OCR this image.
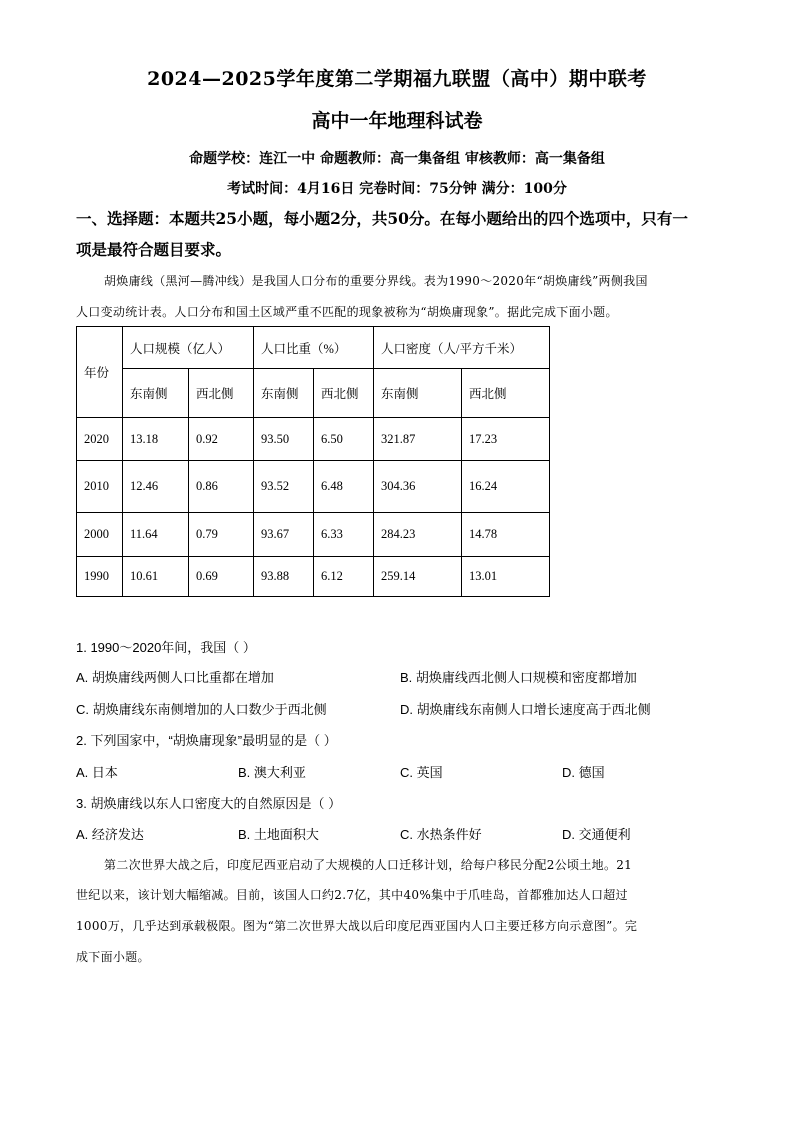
2024—2025学年度第二学期福九联盟（高中）期中联考
高中一年地理科试卷
命题学校：连江一中 命题教师：高一集备组 审核教师：高一集备组
考试时间：4月16日 完卷时间：75分钟 满分：100分
一、选择题：本题共25小题，每小题2分，共50分。在每小题给出的四个选项中，只有一
项是最符合题目要求。
胡焕庸线（黑河—腾冲线）是我国人口分布的重要分界线。表为1990～2020年“胡焕庸线”两侧我国
人口变动统计表。人口分布和国土区域严重不匹配的现象被称为“胡焕庸现象”。据此完成下面小题。
年份	人口规模（亿人）		人口比重（%）		人口密度（人/平方千米）	
	东南侧	西北侧	东南侧	西北侧	东南侧	西北侧
2020	13.18	0.92	93.50	6.50	321.87	17.23
2010	12.46	0.86	93.52	6.48	304.36	16.24
2000	11.64	0.79	93.67	6.33	284.23	14.78
1990	10.61	0.69	93.88	6.12	259.14	13.01
1. 1990～2020年间，我国（ ）
A. 胡焕庸线两侧人口比重都在增加	B. 胡焕庸线西北侧人口规模和密度都增加
C. 胡焕庸线东南侧增加的人口数少于西北侧	D. 胡焕庸线东南侧人口增长速度高于西北侧
2. 下列国家中，“胡焕庸现象”最明显的是（ ）
A. 日本	B. 澳大利亚	C. 英国	D. 德国
3. 胡焕庸线以东人口密度大的自然原因是（ ）
A. 经济发达	B. 土地面积大	C. 水热条件好	D. 交通便利
第二次世界大战之后，印度尼西亚启动了大规模的人口迁移计划，给每户移民分配2公顷土地。21
世纪以来，该计划大幅缩减。目前，该国人口约2.7亿，其中40%集中于爪哇岛，首都雅加达人口超过
1000万，几乎达到承载极限。图为“第二次世界大战以后印度尼西亚国内人口主要迁移方向示意图”。完
成下面小题。
